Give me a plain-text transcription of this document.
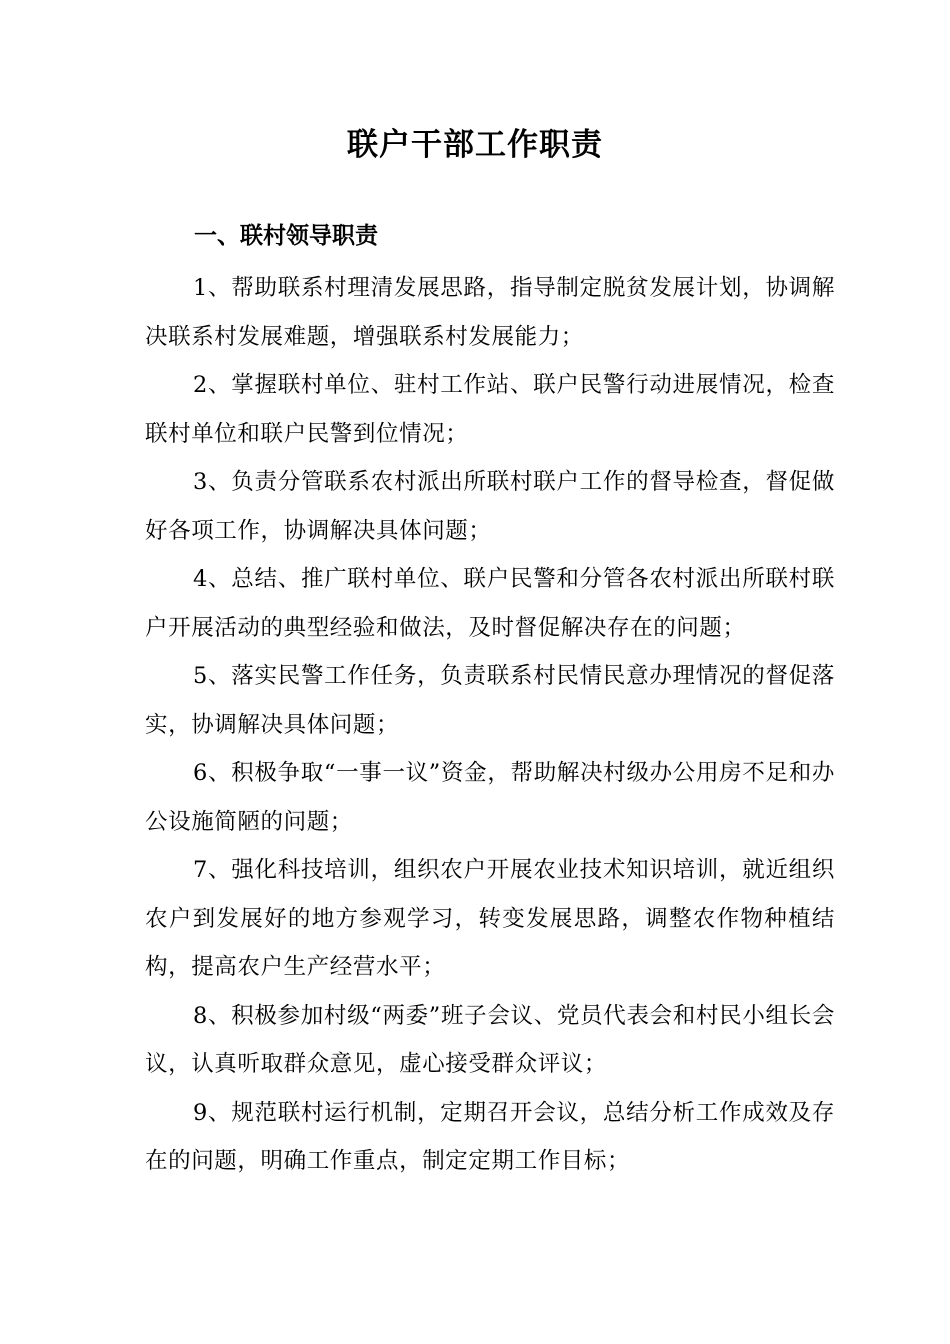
联户干部工作职责
一、联村领导职责

1、帮助联系村理清发展思路，指导制定脱贫发展计划，协调解决联系村发展难题，增强联系村发展能力；

2、掌握联村单位、驻村工作站、联户民警行动进展情况，检查联村单位和联户民警到位情况；

3、负责分管联系农村派出所联村联户工作的督导检查，督促做好各项工作，协调解决具体问题；

4、总结、推广联村单位、联户民警和分管各农村派出所联村联户开展活动的典型经验和做法，及时督促解决存在的问题；

5、落实民警工作任务，负责联系村民情民意办理情况的督促落实，协调解决具体问题；

6、积极争取“一事一议”资金，帮助解决村级办公用房不足和办公设施简陋的问题；

7、强化科技培训，组织农户开展农业技术知识培训，就近组织农户到发展好的地方参观学习，转变发展思路，调整农作物种植结构，提高农户生产经营水平；

8、积极参加村级“两委”班子会议、党员代表会和村民小组长会议，认真听取群众意见，虚心接受群众评议；

9、规范联村运行机制，定期召开会议，总结分析工作成效及存在的问题，明确工作重点，制定定期工作目标；
